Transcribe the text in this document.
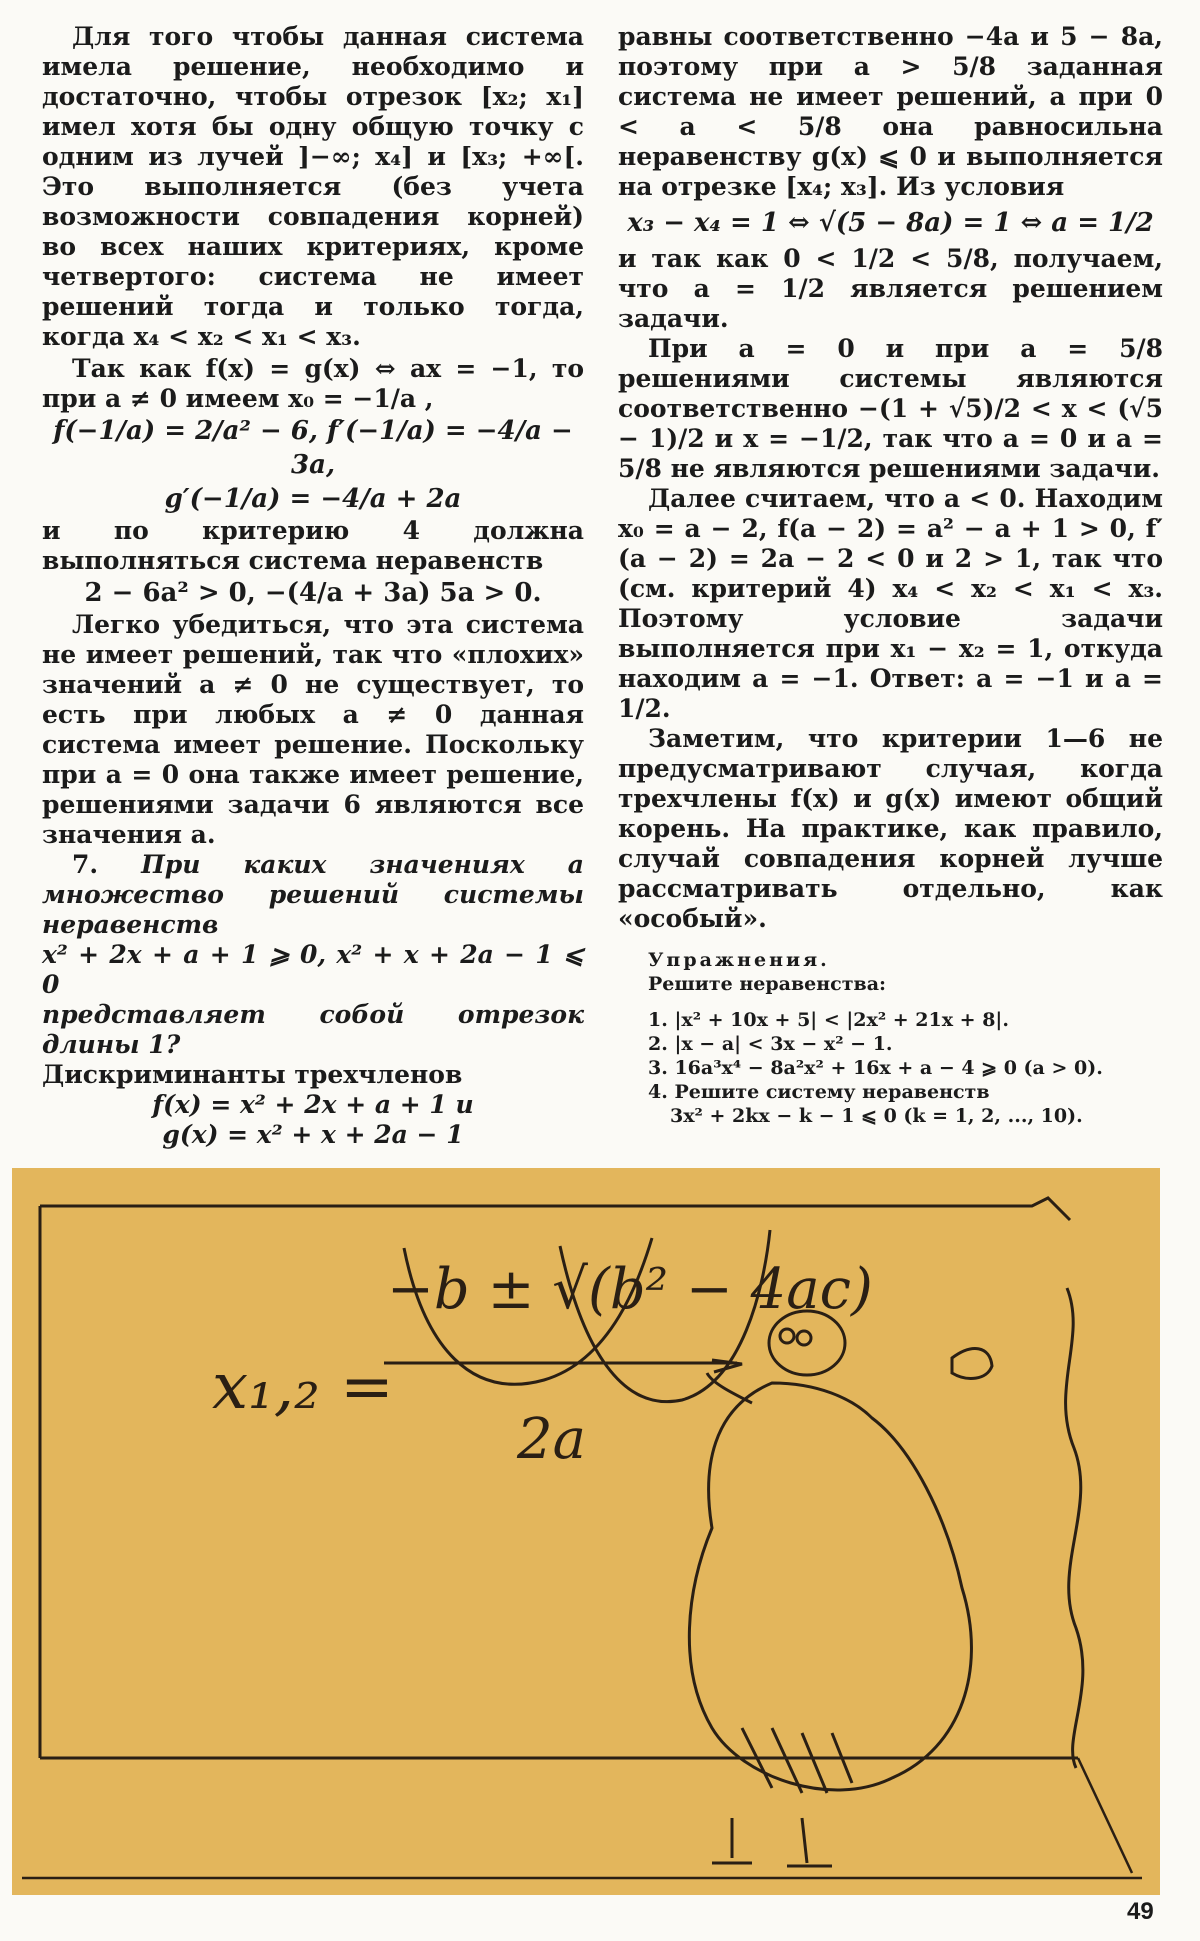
Для того чтобы данная система имела решение, необходимо и достаточно, чтобы отрезок [x₂; x₁] имел хотя бы одну общую точку с одним из лучей ]−∞; x₄] и [x₃; +∞[. Это выполняется (без учета возможности совпадения корней) во всех наших критериях, кроме четвертого: система не имеет решений тогда и только тогда, когда x₄ < x₂ < x₁ < x₃.

Так как f(x) = g(x) ⇔ ax = −1, то при a ≠ 0 имеем x₀ = −1/a ,

f(−1/a) = 2/a² − 6, f′(−1/a) = −4/a − 3a,

g′(−1/a) = −4/a + 2a

и по критерию 4 должна выполняться система неравенств

2 − 6a² > 0, −(4/a + 3a) 5a > 0.

Легко убедиться, что эта система не имеет решений, так что «плохих» значений a ≠ 0 не существует, то есть при любых a ≠ 0 данная система имеет решение. Поскольку при a = 0 она также имеет решение, решениями задачи 6 являются все значения a.

7. При каких значениях a множество решений системы неравенств

x² + 2x + a + 1 ⩾ 0, x² + x + 2a − 1 ⩽ 0

представляет собой отрезок длины 1?

Дискриминанты трехчленов

f(x) = x² + 2x + a + 1 и

g(x) = x² + x + 2a − 1

равны соответственно −4a и 5 − 8a, поэтому при a > 5/8 заданная система не имеет решений, а при 0 < a < 5/8 она равносильна неравенству g(x) ⩽ 0 и выполняется на отрезке [x₄; x₃]. Из условия

x₃ − x₄ = 1 ⇔ √(5 − 8a) = 1 ⇔ a = 1/2

и так как 0 < 1/2 < 5/8, получаем, что a = 1/2 является решением задачи.

При a = 0 и при a = 5/8 решениями системы являются соответственно −(1 + √5)/2 < x < (√5 − 1)/2 и x = −1/2, так что a = 0 и a = 5/8 не являются решениями задачи.

Далее считаем, что a < 0. Находим x₀ = a − 2, f(a − 2) = a² − a + 1 > 0, f′(a − 2) = 2a − 2 < 0 и 2 > 1, так что (см. критерий 4) x₄ < x₂ < x₁ < x₃. Поэтому условие задачи выполняется при x₁ − x₂ = 1, откуда находим a = −1. Ответ: a = −1 и a = 1/2.

Заметим, что критерии 1—6 не предусматривают случая, когда трехчлены f(x) и g(x) имеют общий корень. На практике, как правило, случай совпадения корней лучше рассматривать отдельно, как «особый».

Упражнения.
Решите неравенства:
1. |x² + 10x + 5| < |2x² + 21x + 8|.
2. |x − a| < 3x − x² − 1.
3. 16a³x⁴ − 8a²x² + 16x + a − 4 ⩾ 0 (a > 0).
4. Решите систему неравенств
3x² + 2kx − k − 1 ⩽ 0 (k = 1, 2, ..., 10).
x₁,₂ =
−b ± √(b² − 4ac)
2a
49
